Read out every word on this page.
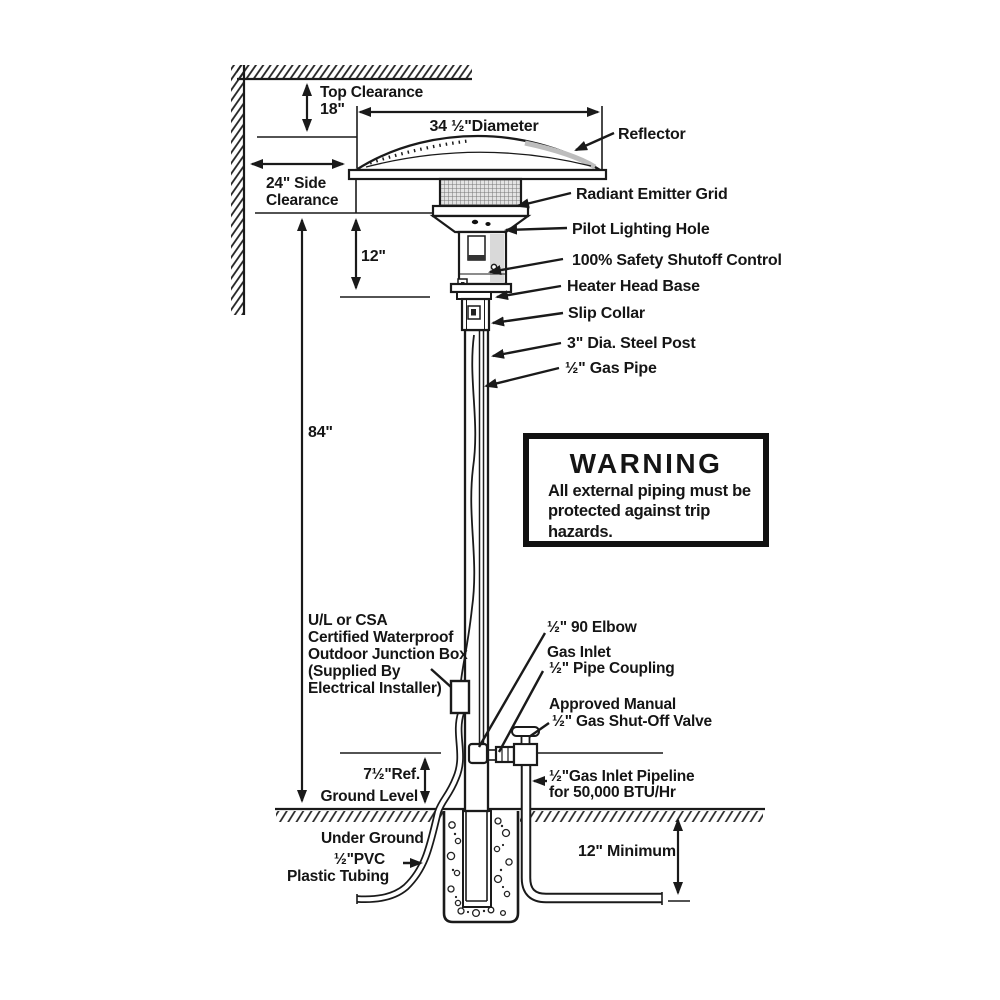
WARNING
All external piping must be
protected against trip
hazards.
Top Clearance
18"
34 ½"Diameter	Reflector
24" Side
Clearance	Radiant Emitter Grid
Pilot Lighting Hole
100% Safety Shutoff Control
Heater Head Base
Slip Collar
3" Dia. Steel Post
½" Gas Pipe
12"
84"
U/L or CSA
Certified Waterproof
Outdoor Junction Box
(Supplied By
Electrical Installer)
½" 90 Elbow
Gas Inlet
½" Pipe Coupling
Approved Manual
½" Gas Shut-Off Valve
7½"Ref.
Ground Level
½"Gas Inlet Pipeline
for 50,000 BTU/Hr
Under Ground
½"PVC
Plastic Tubing
12" Minimum
